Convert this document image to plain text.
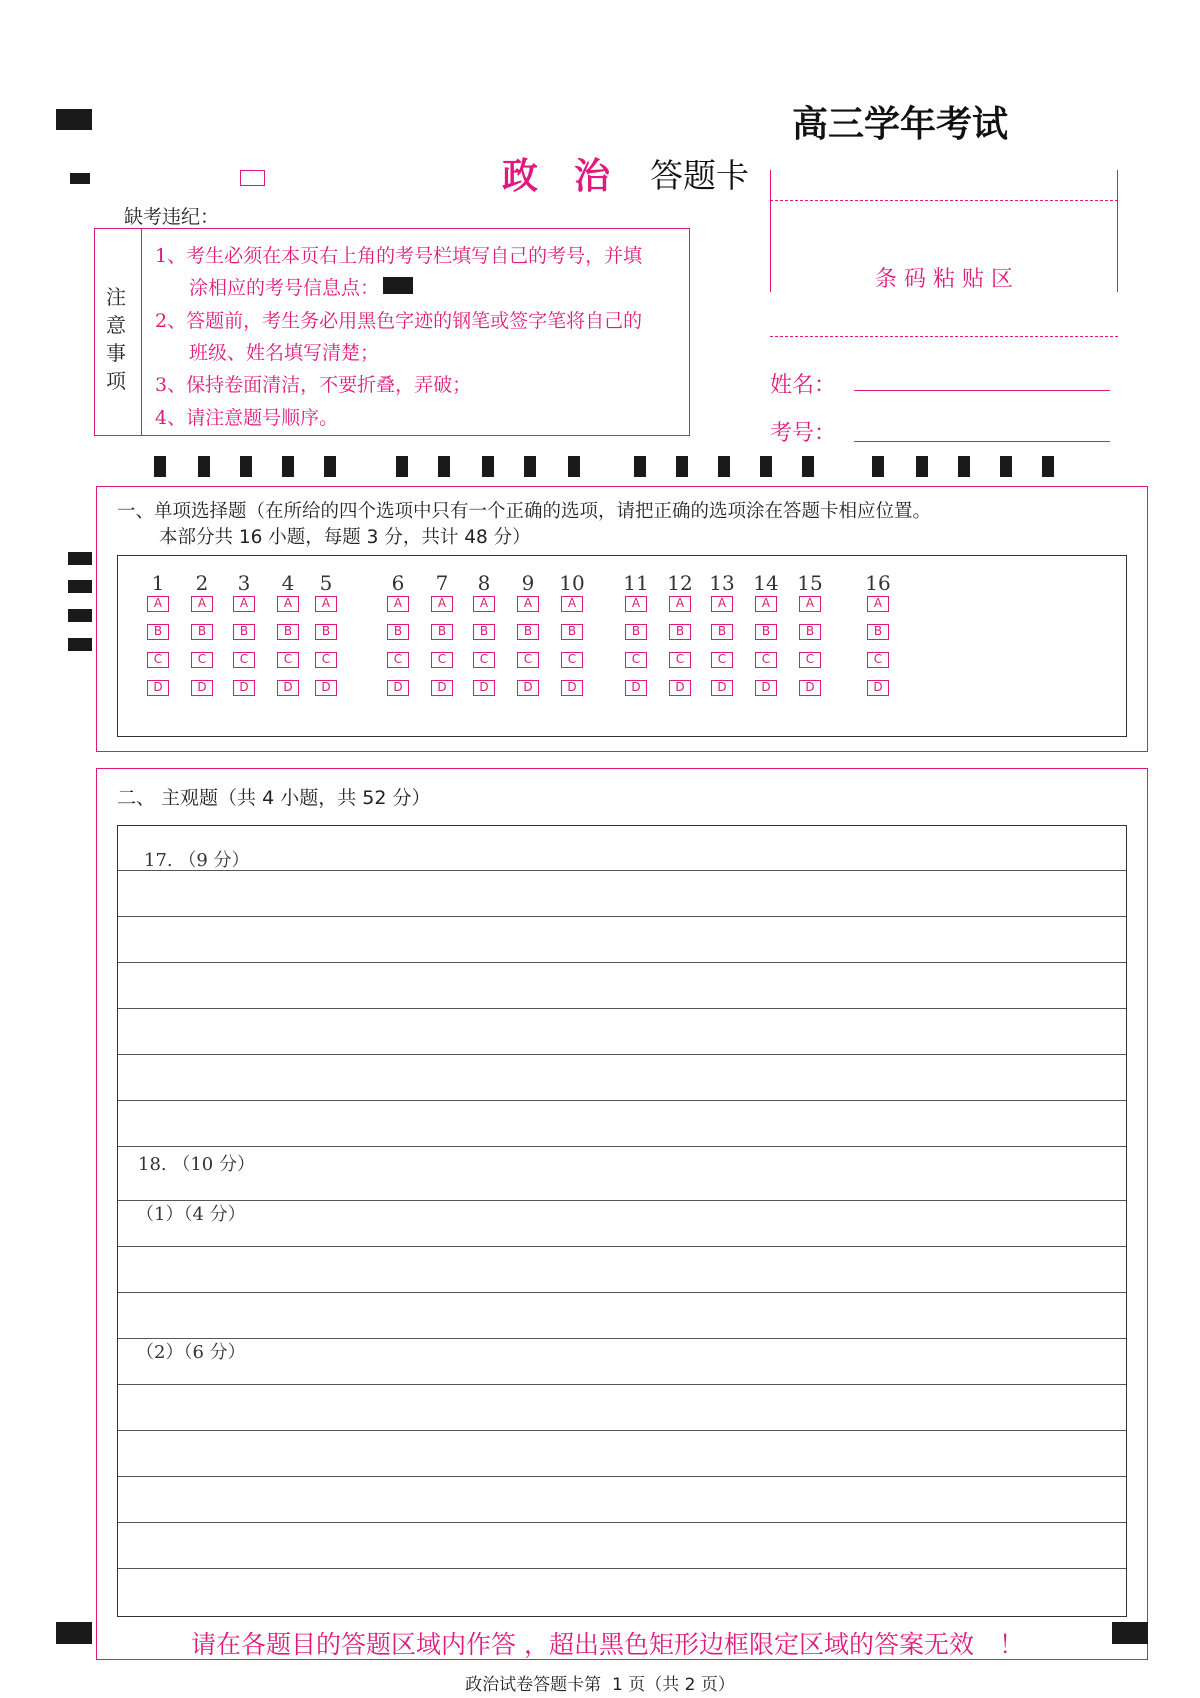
高三学年考试
政　治 答题卡
缺考违纪：
注
意
事
项
1、考生必须在本页右上角的考号栏填写自己的考号，并填
涂相应的考号信息点：
2、答题前，考生务必用黑色字迹的钢笔或签字笔将自己的
班级、姓名填写清楚；
3、保持卷面清洁，不要折叠，弄破；
4、请注意题号顺序。
条 码 粘 贴 区
姓名：
考号：
一、单项选择题（在所给的四个选项中只有一个正确的选项，请把正确的选项涂在答题卡相应位置。
本部分共 16 小题，每题 3 分，共计 48 分）
1
A
B
C
D
2
A
B
C
D
3
A
B
C
D
4
A
B
C
D
5
A
B
C
D
6
A
B
C
D
7
A
B
C
D
8
A
B
C
D
9
A
B
C
D
10
A
B
C
D
11
A
B
C
D
12
A
B
C
D
13
A
B
C
D
14
A
B
C
D
15
A
B
C
D
16
A
B
C
D
二、 主观题（共 4 小题，共 52 分）
17. （9 分）
18. （10 分）
（1）（4 分）
（2）（6 分）
请在各题目的答题区域内作答 ，超出黑色矩形边框限定区域的答案无效　！
政治试卷答题卡第  1 页（共 2 页）
